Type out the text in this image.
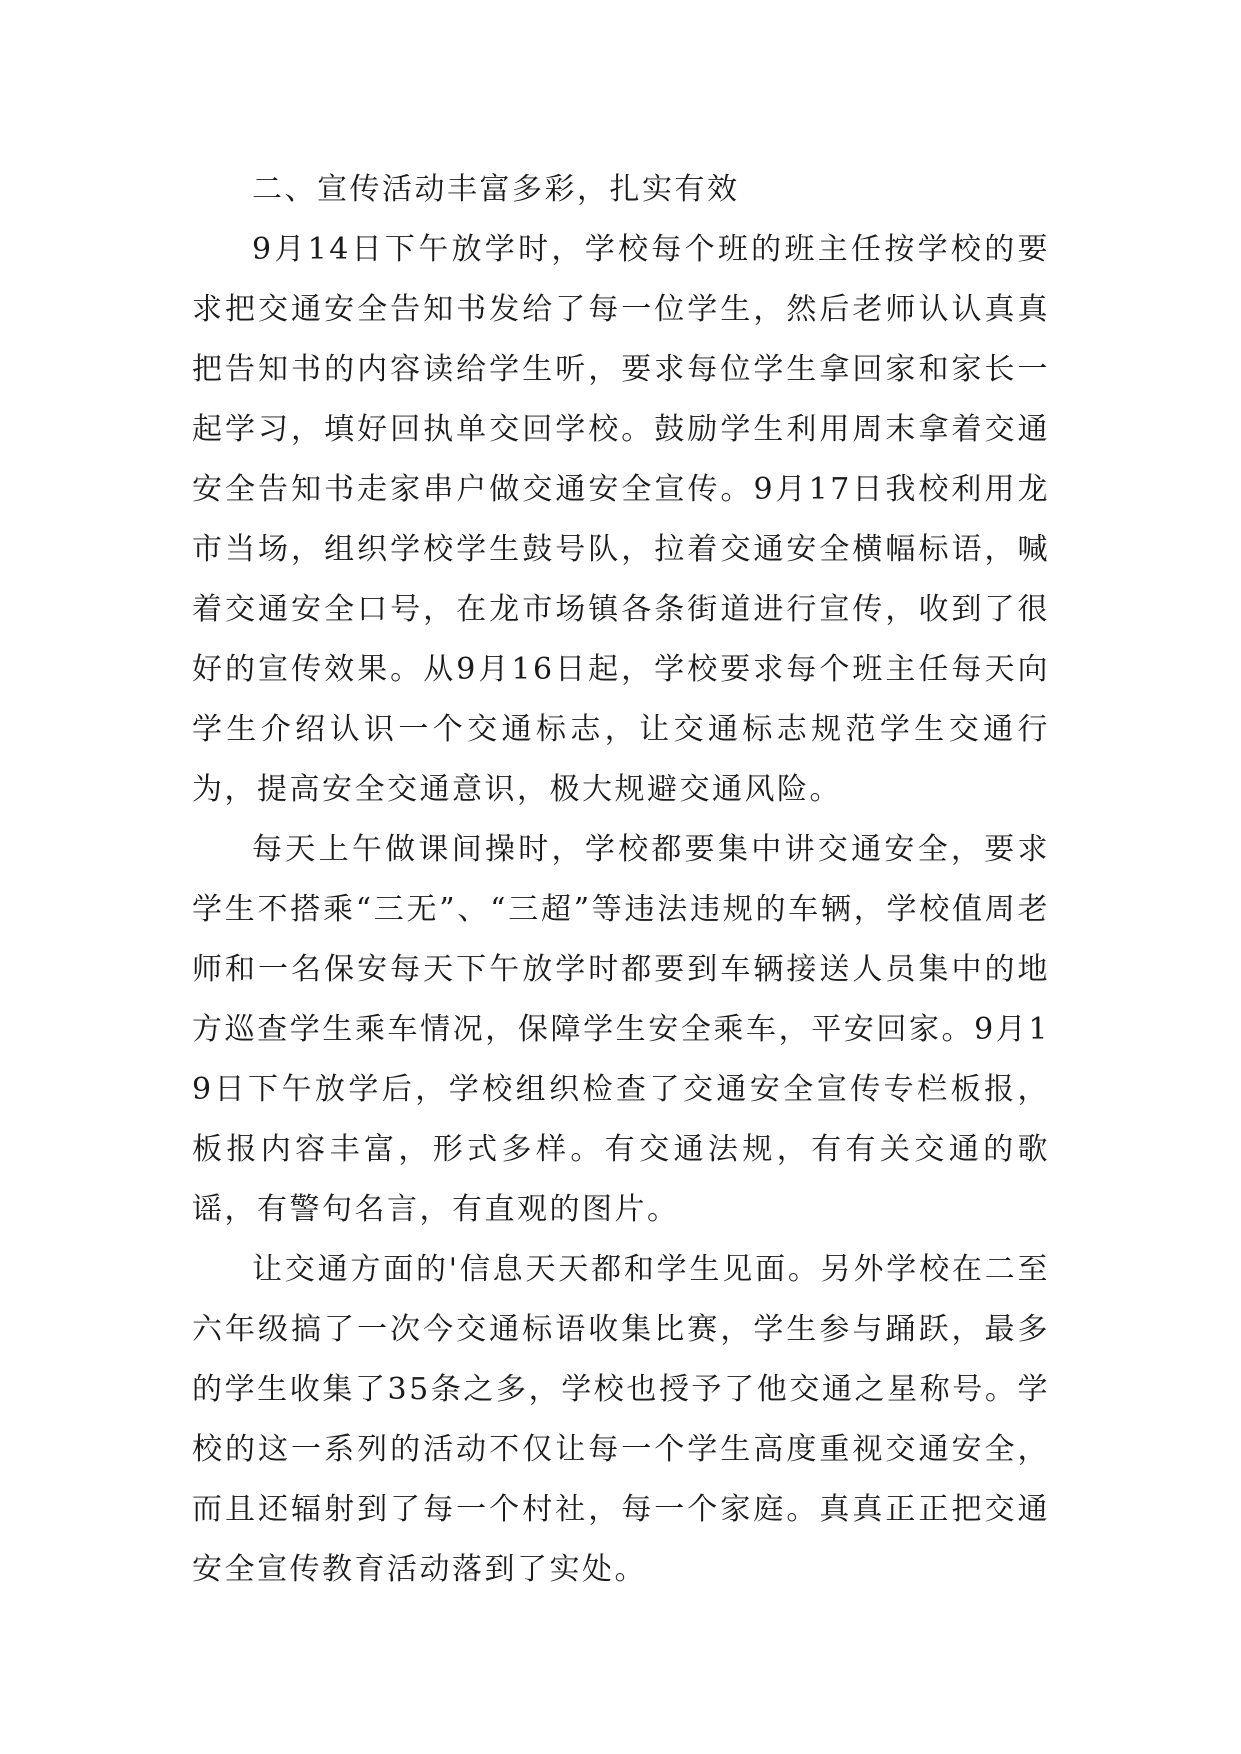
二、宣传活动丰富多彩，扎实有效

9月14日下午放学时，学校每个班的班主任按学校的要求把交通安全告知书发给了每一位学生，然后老师认认真真把告知书的内容读给学生听，要求每位学生拿回家和家长一起学习，填好回执单交回学校。鼓励学生利用周末拿着交通安全告知书走家串户做交通安全宣传。9月17日我校利用龙市当场，组织学校学生鼓号队，拉着交通安全横幅标语，喊着交通安全口号，在龙市场镇各条街道进行宣传，收到了很好的宣传效果。从9月16日起，学校要求每个班主任每天向学生介绍认识一个交通标志，让交通标志规范学生交通行为，提高安全交通意识，极大规避交通风险。

每天上午做课间操时，学校都要集中讲交通安全，要求学生不搭乘“三无”、“三超”等违法违规的车辆，学校值周老师和一名保安每天下午放学时都要到车辆接送人员集中的地方巡查学生乘车情况，保障学生安全乘车，平安回家。9月19日下午放学后，学校组织检查了交通安全宣传专栏板报，板报内容丰富，形式多样。有交通法规，有有关交通的歌谣，有警句名言，有直观的图片。

让交通方面的'信息天天都和学生见面。另外学校在二至六年级搞了一次今交通标语收集比赛，学生参与踊跃，最多的学生收集了35条之多，学校也授予了他交通之星称号。学校的这一系列的活动不仅让每一个学生高度重视交通安全，而且还辐射到了每一个村社，每一个家庭。真真正正把交通安全宣传教育活动落到了实处。
